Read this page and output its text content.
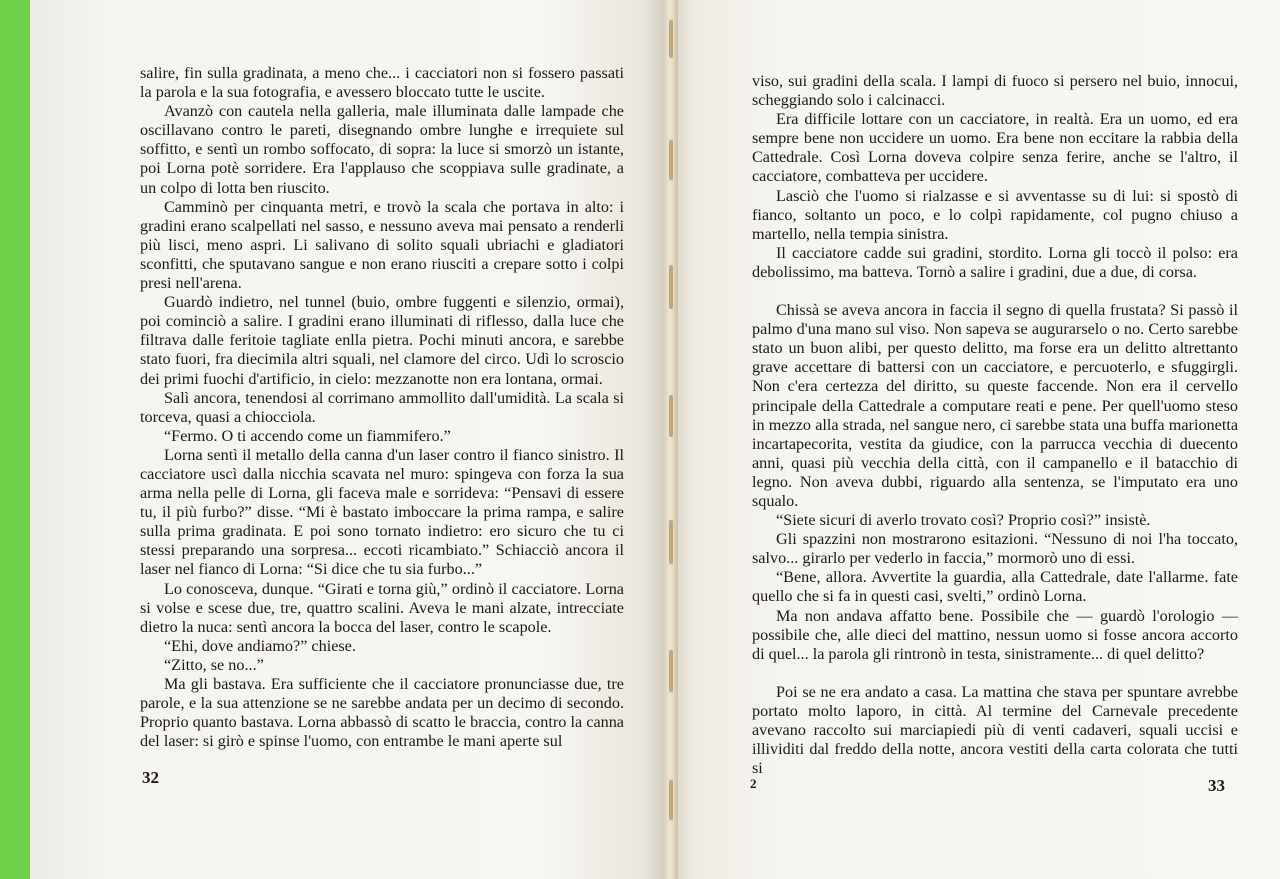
salire, fin sulla gradinata, a meno che... i cacciatori non si fossero passati la parola e la sua fotografia, e avessero bloccato tutte le uscite.

Avanzò con cautela nella galleria, male illuminata dalle lampade che oscillavano contro le pareti, disegnando ombre lunghe e irrequiete sul soffitto, e sentì un rombo soffocato, di sopra: la luce si smorzò un istante, poi Lorna potè sorridere. Era l'applauso che scoppiava sulle gradinate, a un colpo di lotta ben riuscito.

Camminò per cinquanta metri, e trovò la scala che portava in alto: i gradini erano scalpellati nel sasso, e nessuno aveva mai pensato a renderli più lisci, meno aspri. Li salivano di solito squali ubriachi e gladiatori sconfitti, che sputavano sangue e non erano riusciti a crepare sotto i colpi presi nell'arena.

Guardò indietro, nel tunnel (buio, ombre fuggenti e silenzio, ormai), poi cominciò a salire. I gradini erano illuminati di riflesso, dalla luce che filtrava dalle feritoie tagliate enlla pietra. Pochi minuti ancora, e sarebbe stato fuori, fra diecimila altri squali, nel clamore del circo. Udì lo scroscio dei primi fuochi d'artificio, in cielo: mezzanotte non era lontana, ormai.

Salì ancora, tenendosi al corrimano ammollito dall'umidità. La scala si torceva, quasi a chiocciola.

“Fermo. O ti accendo come un fiammifero.”

Lorna sentì il metallo della canna d'un laser contro il fianco sinistro. Il cacciatore uscì dalla nicchia scavata nel muro: spingeva con forza la sua arma nella pelle di Lorna, gli faceva male e sorrideva: “Pensavi di essere tu, il più furbo?” disse. “Mi è bastato imboccare la prima rampa, e salire sulla prima gradinata. E poi sono tornato indietro: ero sicuro che tu ci stessi preparando una sorpresa... eccoti ricambiato.” Schiacciò ancora il laser nel fianco di Lorna: “Si dice che tu sia furbo...”

Lo conosceva, dunque. “Girati e torna giù,” ordinò il cacciatore. Lorna si volse e scese due, tre, quattro scalini. Aveva le mani alzate, intrecciate dietro la nuca: sentì ancora la bocca del laser, contro le scapole.

“Ehi, dove andiamo?” chiese.

“Zitto, se no...”

Ma gli bastava. Era sufficiente che il cacciatore pronunciasse due, tre parole, e la sua attenzione se ne sarebbe andata per un decimo di secondo. Proprio quanto bastava. Lorna abbassò di scatto le braccia, contro la canna del laser: si girò e spinse l'uomo, con entrambe le mani aperte sul

32

viso, sui gradini della scala. I lampi di fuoco si persero nel buio, innocui, scheggiando solo i calcinacci.

Era difficile lottare con un cacciatore, in realtà. Era un uomo, ed era sempre bene non uccidere un uomo. Era bene non eccitare la rabbia della Cattedrale. Così Lorna doveva colpire senza ferire, anche se l'altro, il cacciatore, combatteva per uccidere.

Lasciò che l'uomo si rialzasse e si avventasse su di lui: si spostò di fianco, soltanto un poco, e lo colpì rapidamente, col pugno chiuso a martello, nella tempia sinistra.

Il cacciatore cadde sui gradini, stordito. Lorna gli toccò il polso: era debolissimo, ma batteva. Tornò a salire i gradini, due a due, di corsa.

Chissà se aveva ancora in faccia il segno di quella frustata? Si passò il palmo d'una mano sul viso. Non sapeva se augurarselo o no. Certo sarebbe stato un buon alibi, per questo delitto, ma forse era un delitto altrettanto grave accettare di battersi con un cacciatore, e percuoterlo, e sfuggirgli. Non c'era certezza del diritto, su queste faccende. Non era il cervello principale della Cattedrale a computare reati e pene. Per quell'uomo steso in mezzo alla strada, nel sangue nero, ci sarebbe stata una buffa marionetta incartapecorita, vestita da giudice, con la parrucca vecchia di duecento anni, quasi più vecchia della città, con il campanello e il batacchio di legno. Non aveva dubbi, riguardo alla sentenza, se l'imputato era uno squalo.

“Siete sicuri di averlo trovato così? Proprio così?” insistè.

Gli spazzini non mostrarono esitazioni. “Nessuno di noi l'ha toccato, salvo... girarlo per vederlo in faccia,” mormorò uno di essi.

“Bene, allora. Avvertite la guardia, alla Cattedrale, date l'allarme. fate quello che si fa in questi casi, svelti,” ordinò Lorna.

Ma non andava affatto bene. Possibile che — guardò l'orologio — possibile che, alle dieci del mattino, nessun uomo si fosse ancora accorto di quel... la parola gli rintronò in testa, sinistramente... di quel delitto?

Poi se ne era andato a casa. La mattina che stava per spuntare avrebbe portato molto laporo, in città. Al termine del Carnevale precedente avevano raccolto sui marciapiedi più di venti cadaveri, squali uccisi e illividiti dal freddo della notte, ancora vestiti della carta colorata che tutti si

2	33
